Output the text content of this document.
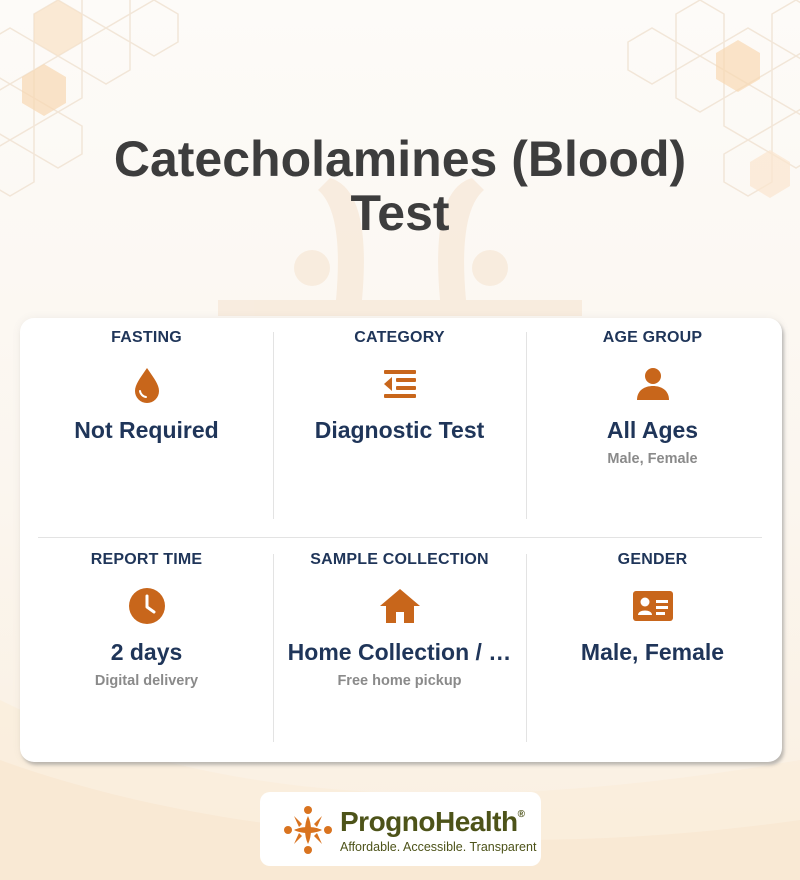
Catecholamines (Blood)
Test
FASTING
Not Required
CATEGORY
Diagnostic Test
AGE GROUP
All Ages
Male, Female
REPORT TIME
2 days
Digital delivery
SAMPLE COLLECTION
Home Collection / …
Free home pickup
GENDER
Male, Female
PrognoHealth®
Affordable. Accessible. Transparent
